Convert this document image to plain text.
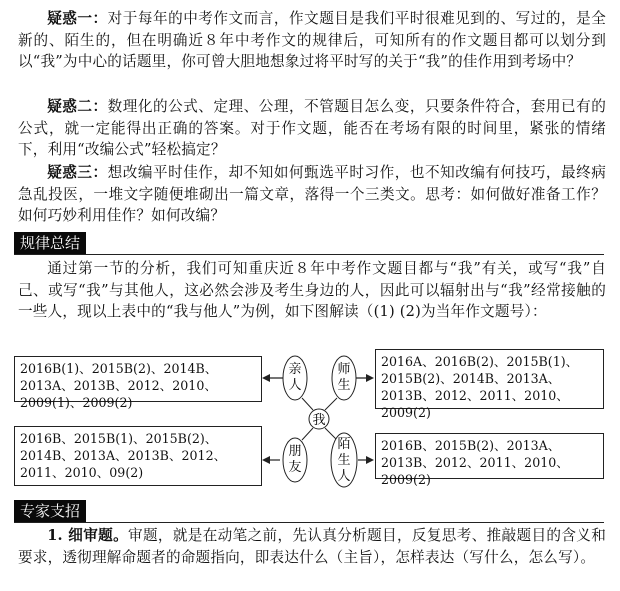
疑惑一：对于每年的中考作文而言，作文题目是我们平时很难见到的、写过的，是全新的、陌生的，但在明确近８年中考作文的规律后，可知所有的作文题目都可以划分到以“我”为中心的话题里，你可曾大胆地想象过将平时写的关于“我”的佳作用到考场中？

疑惑二：数理化的公式、定理、公理，不管题目怎么变，只要条件符合，套用已有的公式，就一定能得出正确的答案。对于作文题，能否在考场有限的时间里，紧张的情绪下，利用“改编公式”轻松搞定？

疑惑三：想改编平时佳作，却不知如何甄选平时习作，也不知改编有何技巧，最终病急乱投医，一堆文字随便堆砌出一篇文章，落得一个三类文。思考：如何做好准备工作？如何巧妙利用佳作？如何改编？

规律总结

通过第一节的分析，我们可知重庆近８年中考作文题目都与“我”有关，或写“我”自己、或写“我”与其他人，这必然会涉及考生身边的人，因此可以辐射出与“我”经常接触的一些人，现以上表中的“我与他人”为例，如下图解读（(1) (2)为当年作文题号）：

亲人
师生
我
朋友
陌生人
2016B(1)、2015B(2)、2014B、2013A、2013B、2012、2010、2009(1)、2009(2)
2016A、2016B(2)、2015B(1)、2015B(2)、2014B、2013A、2013B、2012、2011、2010、2009(2)
2016B、2015B(1)、2015B(2)、2014B、2013A、2013B、2012、2011、2010、09(2)
2016B、2015B(2)、2013A、2013B、2012、2011、2010、2009(2)
专家支招

1. 细审题。审题，就是在动笔之前，先认真分析题目，反复思考、推敲题目的含义和要求，透彻理解命题者的命题指向，即表达什么（主旨），怎样表达（写什么，怎么写）。
